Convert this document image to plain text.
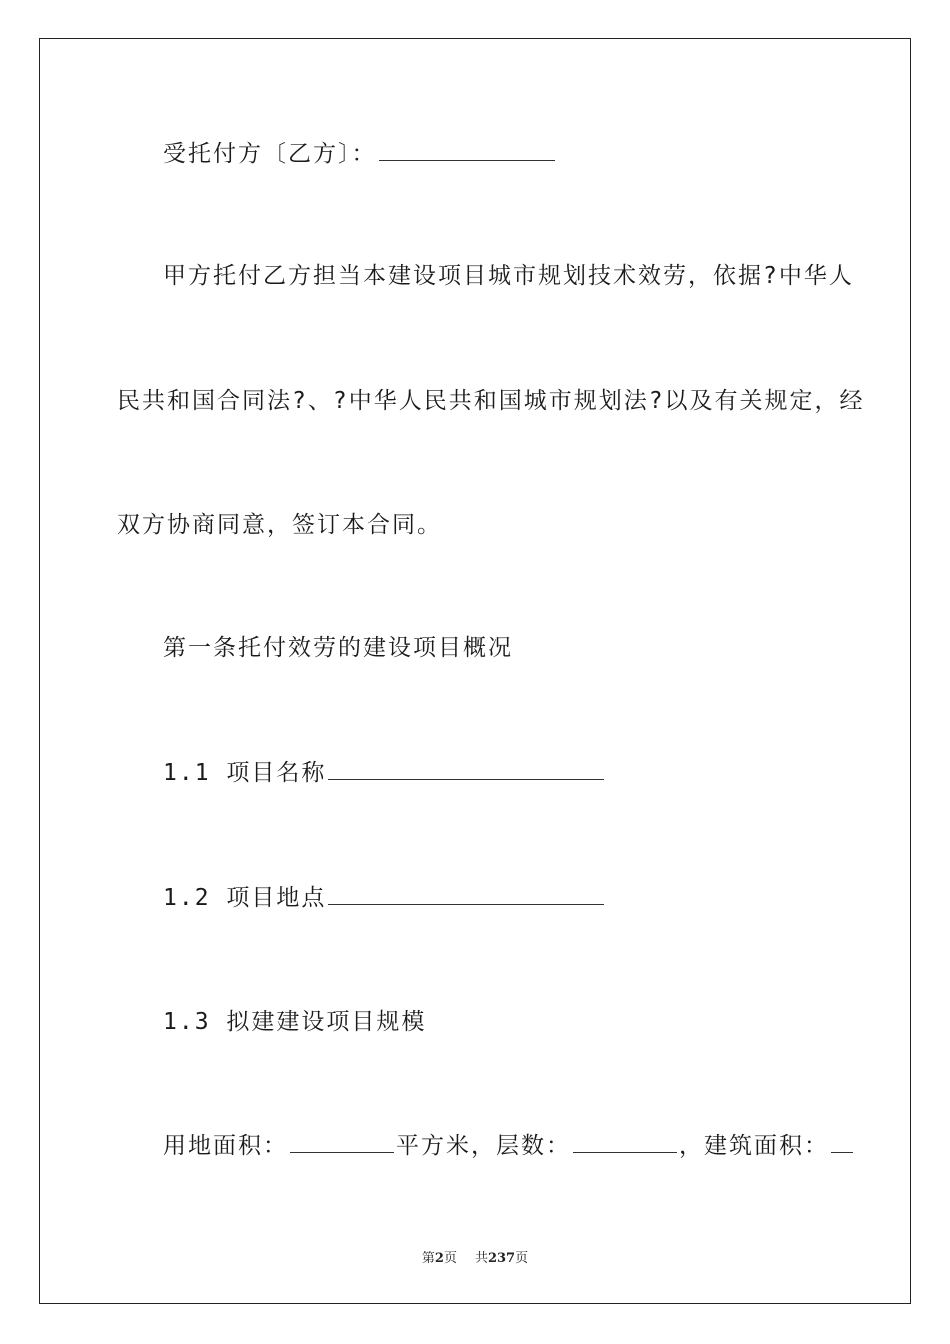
受托付方〔乙方〕：
甲方托付乙方担当本建设项目城市规划技术效劳，依据?中华人
民共和国合同法?、?中华人民共和国城市规划法?以及有关规定，经
双方协商同意，签订本合同。
第一条托付效劳的建设项目概况
1.1 项目名称
1.2 项目地点
1.3 拟建建设项目规模
用地面积：	平方米，层数：	，建筑面积：
第2页 共237页
